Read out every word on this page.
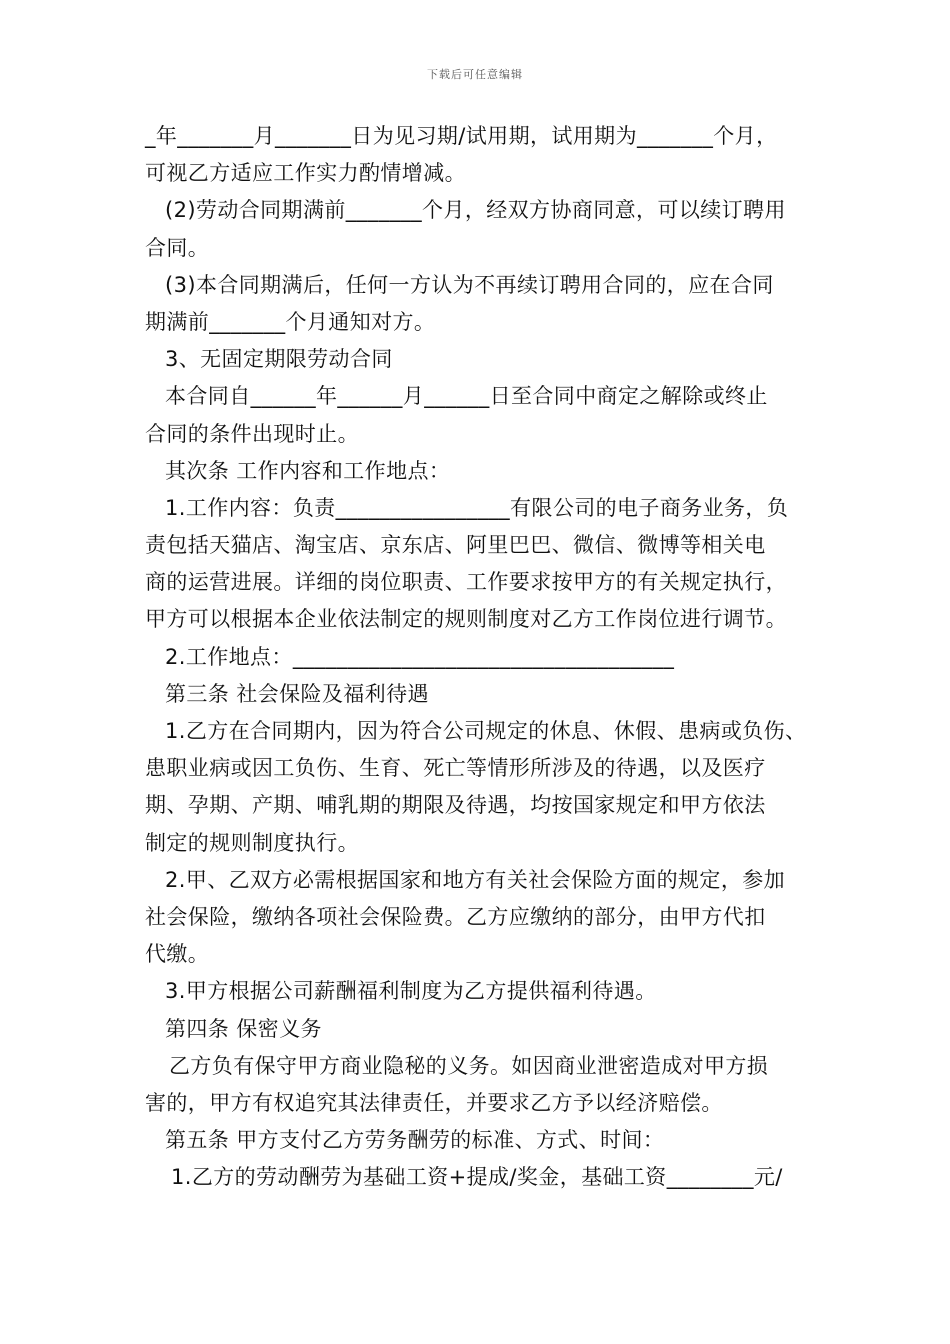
下载后可任意编辑
_年_______月_______日为见习期/试用期，试用期为_______个月，
可视乙方适应工作实力酌情增减。
(2)劳动合同期满前_______个月，经双方协商同意，可以续订聘用
合同。
(3)本合同期满后，任何一方认为不再续订聘用合同的，应在合同
期满前_______个月通知对方。
3、无固定期限劳动合同
本合同自______年______月______日至合同中商定之解除或终止
合同的条件出现时止。
其次条 工作内容和工作地点：
1.工作内容：负责________________有限公司的电子商务业务，负
责包括天猫店、淘宝店、京东店、阿里巴巴、微信、微博等相关电
商的运营进展。详细的岗位职责、工作要求按甲方的有关规定执行，
甲方可以根据本企业依法制定的规则制度对乙方工作岗位进行调节。
2.工作地点：___________________________________
第三条 社会保险及福利待遇
1.乙方在合同期内，因为符合公司规定的休息、休假、患病或负伤、
患职业病或因工负伤、生育、死亡等情形所涉及的待遇，以及医疗
期、孕期、产期、哺乳期的期限及待遇，均按国家规定和甲方依法
制定的规则制度执行。
2.甲、乙双方必需根据国家和地方有关社会保险方面的规定，参加
社会保险，缴纳各项社会保险费。乙方应缴纳的部分，由甲方代扣
代缴。
3.甲方根据公司薪酬福利制度为乙方提供福利待遇。
第四条 保密义务
乙方负有保守甲方商业隐秘的义务。如因商业泄密造成对甲方损
害的，甲方有权追究其法律责任，并要求乙方予以经济赔偿。
第五条 甲方支付乙方劳务酬劳的标准、方式、时间：
1.乙方的劳动酬劳为基础工资+提成/奖金，基础工资________元/
